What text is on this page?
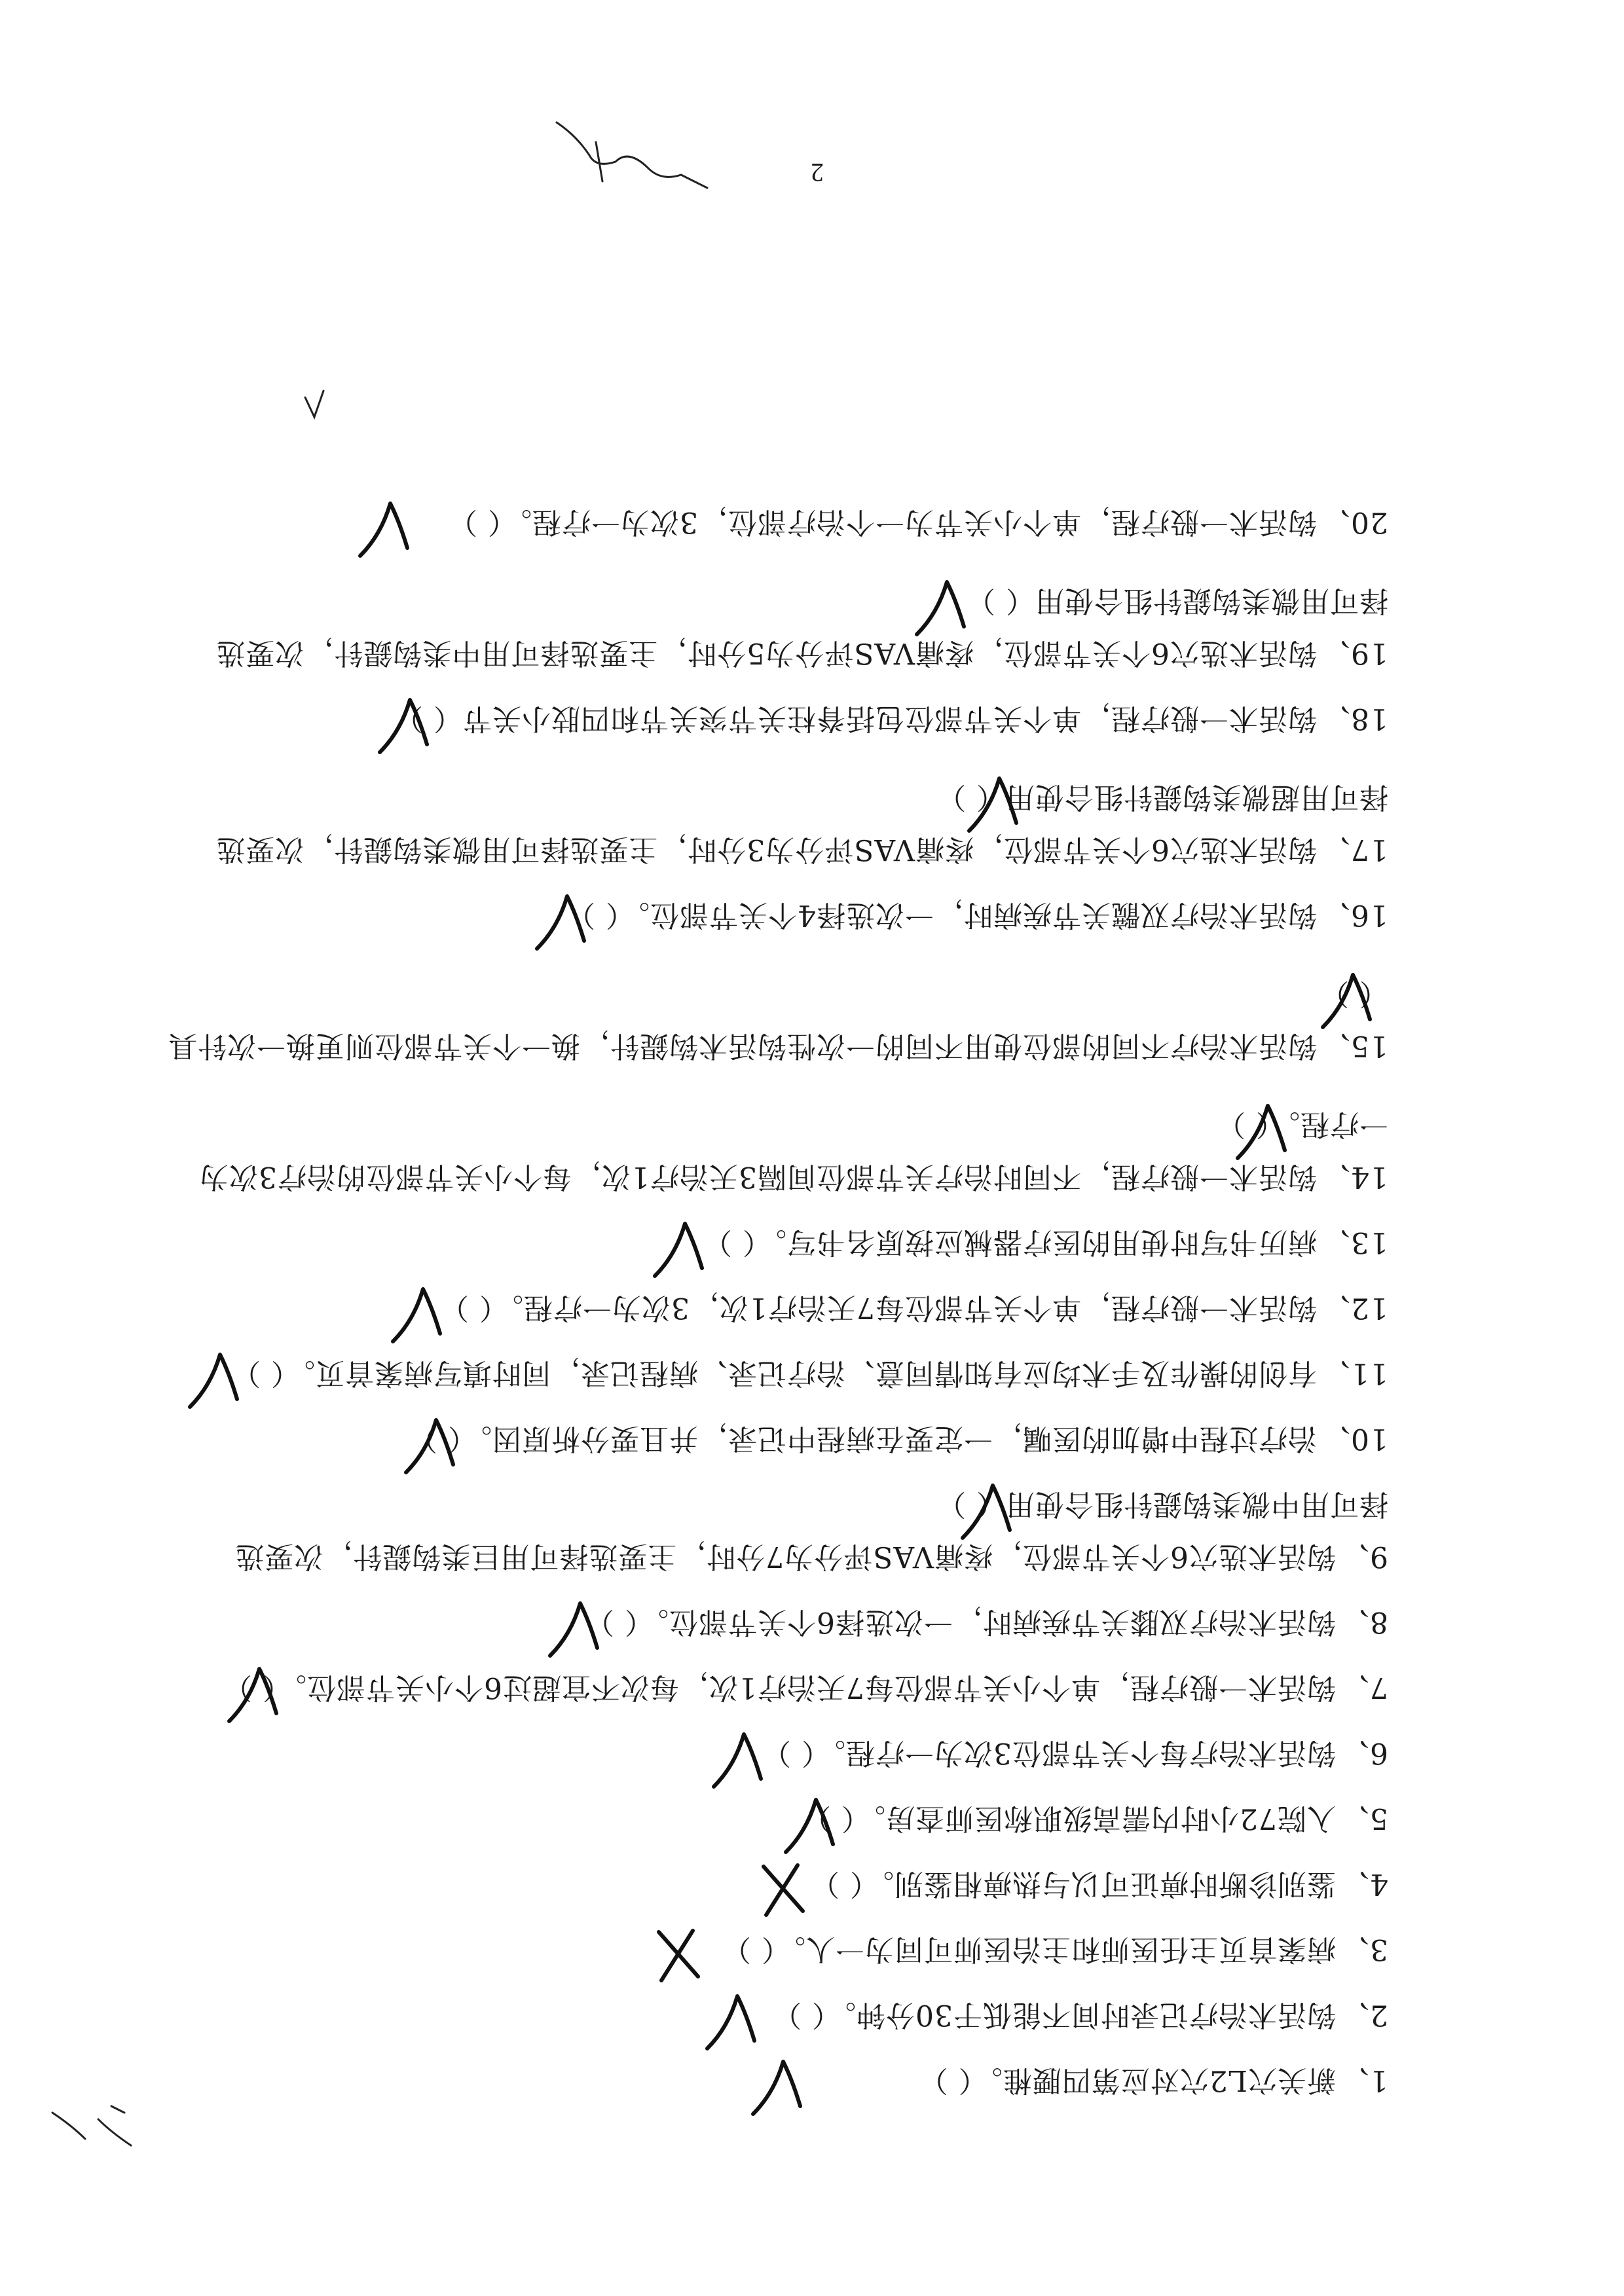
2
1、新关穴L2穴对应第四腰椎。（ ）
2、钩活术治疗记录时间不能低于30分钟。（ ）
3、病案首页主任医师和主治医师可同为一人。（ ）
4、鉴别诊断时痹证可以与热痹相鉴别。（ ）
5、入院72小时内需高级职称医师查房。（ ）
6、钩活术治疗每个关节部位3次为一疗程。（ ）
7、钩活术一般疗程，单个小关节部位每7天治疗1次，每次不宜超过6个小关节部位。（ ）
8、钩活术治疗双膝关节疾病时，一次选择6个关节部位。（ ）
9、钩活术选穴6个关节部位，疼痛VAS评分为7分时，主要选择可用巨类钩鍉针，次要选
择可用中微类钩鍉针组合使用（ ）
10、治疗过程中增加的医嘱，一定要在病程中记录，并且要分析原因。（ ）
11、有创的操作及手术均应有知情同意、治疗记录、病程记录，同时填写病案首页。（ ）
12、钩活术一般疗程，单个关节部位每7天治疗1次，3次为一疗程。（ ）
13、病历书写时使用的医疗器械应按原名书写。（ ）
14、钩活术一般疗程，不同时治疗关节部位间隔3天治疗1次，每个小关节部位的治疗3次为
一疗程。（ ）
15、钩活术治疗不同的部位使用不同的一次性钩活术钩鍉针，换一个关节部位则更换一次针具
（ ）
16、钩活术治疗双髋关节疾病时，一次选择4个关节部位。（ ）
17、钩活术选穴6个关节部位，疼痛VAS评分为3分时，主要选择可用微类钩鍉针，次要选
择可用超微类钩鍉针组合使用（ ）
18、钩活术一般疗程，单个关节部位包括脊柱关节突关节和四肢小关节（ ）
19、钩活术选穴6个关节部位，疼痛VAS评分为5分时，主要选择可用中类钩鍉针，次要选
择可用微类钩鍉针组合使用（ ）
20、钩活术一般疗程，单个小关节为一个治疗部位，3次为一疗程。（ ）
